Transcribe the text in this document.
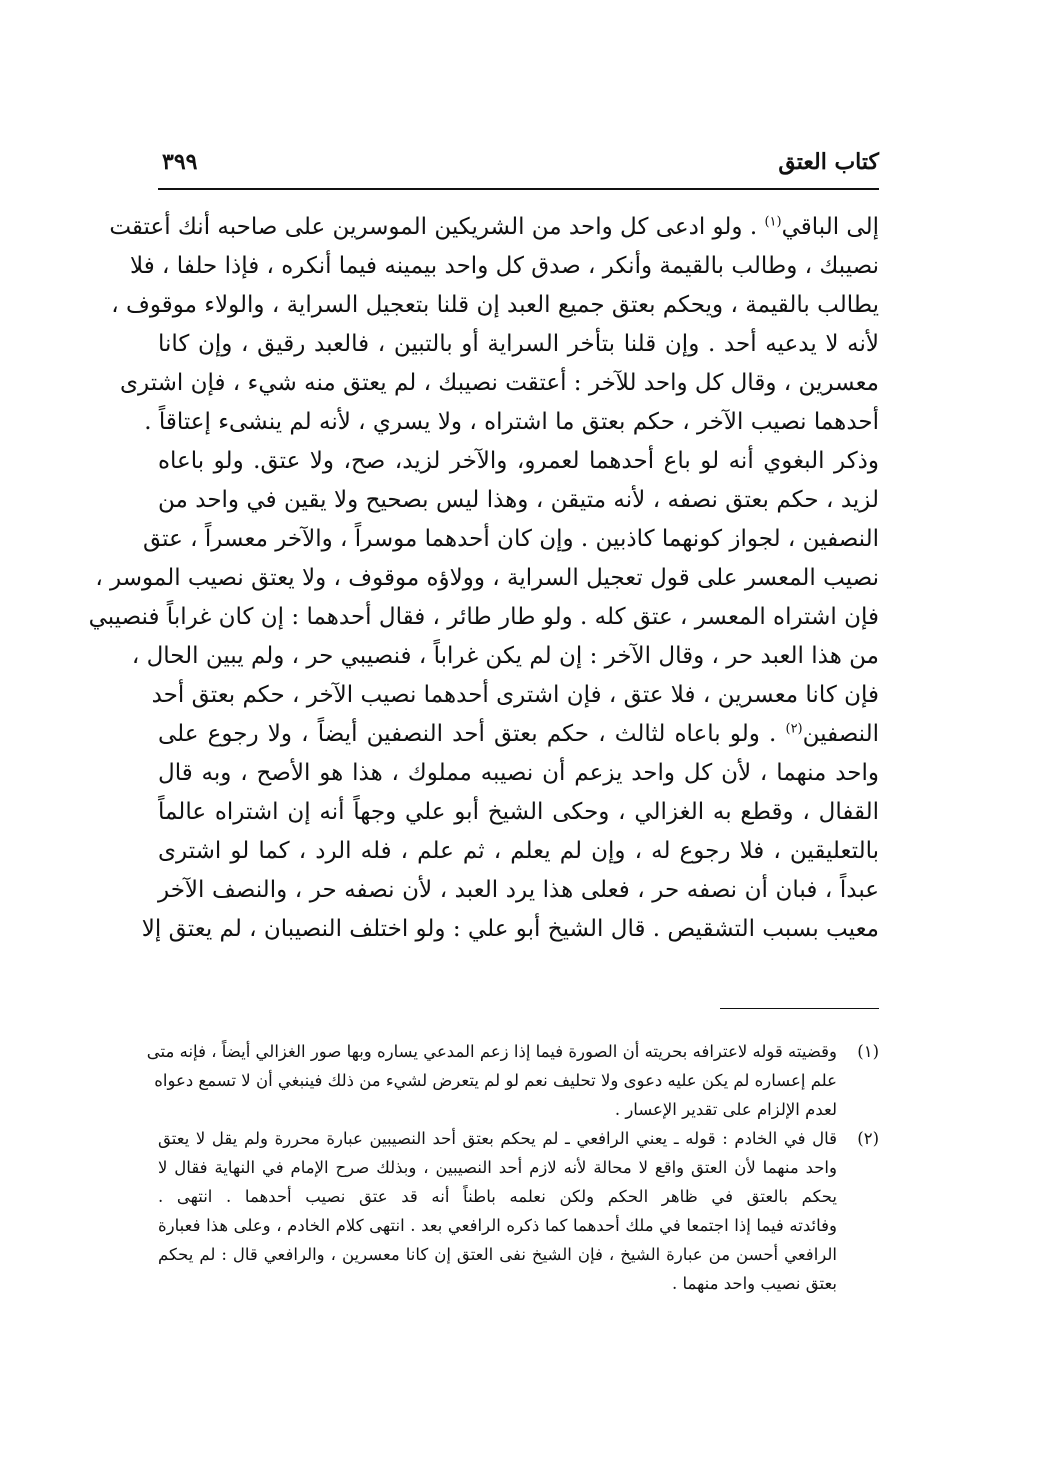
كتاب العتق
٣٩٩
إلى الباقي$^{(١)}$ . ولو ادعى كل واحد من الشريكين الموسرين على صاحبه أنك أعتقت
نصيبك ، وطالب بالقيمة وأنكر ، صدق كل واحد بيمينه فيما أنكره ، فإذا حلفا ، فلا
يطالب بالقيمة ، ويحكم بعتق جميع العبد إن قلنا بتعجيل السراية ، والولاء موقوف ،
لأنه لا يدعيه أحد . وإن قلنا بتأخر السراية أو بالتبين ، فالعبد رقيق ، وإن كانا
معسرين ، وقال كل واحد للآخر : أعتقت نصيبك ، لم يعتق منه شيء ، فإن اشترى
أحدهما نصيب الآخر ، حكم بعتق ما اشتراه ، ولا يسري ، لأنه لم ينشىء إعتاقاً .
وذكر البغوي أنه لو باع أحدهما لعمرو، والآخر لزيد، صح، ولا عتق. ولو باعاه
لزيد ، حكم بعتق نصفه ، لأنه متيقن ، وهذا ليس بصحيح ولا يقين في واحد من
النصفين ، لجواز كونهما كاذبين . وإن كان أحدهما موسراً ، والآخر معسراً ، عتق
نصيب المعسر على قول تعجيل السراية ، وولاؤه موقوف ، ولا يعتق نصيب الموسر ،
فإن اشتراه المعسر ، عتق كله . ولو طار طائر ، فقال أحدهما : إن كان غراباً فنصيبي
من هذا العبد حر ، وقال الآخر : إن لم يكن غراباً ، فنصيبي حر ، ولم يبين الحال ،
فإن كانا معسرين ، فلا عتق ، فإن اشترى أحدهما نصيب الآخر ، حكم بعتق أحد
النصفين$^{(٢)}$ . ولو باعاه لثالث ، حكم بعتق أحد النصفين أيضاً ، ولا رجوع على
واحد منهما ، لأن كل واحد يزعم أن نصيبه مملوك ، هذا هو الأصح ، وبه قال
القفال ، وقطع به الغزالي ، وحكى الشيخ أبو علي وجهاً أنه إن اشتراه عالماً
بالتعليقين ، فلا رجوع له ، وإن لم يعلم ، ثم علم ، فله الرد ، كما لو اشترى
عبداً ، فبان أن نصفه حر ، فعلى هذا يرد العبد ، لأن نصفه حر ، والنصف الآخر
معيب بسبب التشقيص . قال الشيخ أبو علي : ولو اختلف النصيبان ، لم يعتق إلا
(١)وقضيته قوله لاعترافه بحريته أن الصورة فيما إذا زعم المدعي يساره وبها صور الغزالي أيضاً ، فإنه متى
علم إعساره لم يكن عليه دعوى ولا تحليف نعم لو لم يتعرض لشيء من ذلك فينبغي أن لا تسمع دعواه
لعدم الإلزام على تقدير الإعسار .
(٢)قال في الخادم : قوله ـ يعني الرافعي ـ لم يحكم بعتق أحد النصيبين عبارة محررة ولم يقل لا يعتق
واحد منهما لأن العتق واقع لا محالة لأنه لازم أحد النصيبين ، وبذلك صرح الإمام في النهاية فقال لا
يحكم بالعتق في ظاهر الحكم ولكن نعلمه باطناً أنه قد عتق نصيب أحدهما . انتهى .
وفائدته فيما إذا اجتمعا في ملك أحدهما كما ذكره الرافعي بعد . انتهى كلام الخادم ، وعلى هذا فعبارة
الرافعي أحسن من عبارة الشيخ ، فإن الشيخ نفى العتق إن كانا معسرين ، والرافعي قال : لم يحكم
بعتق نصيب واحد منهما .
